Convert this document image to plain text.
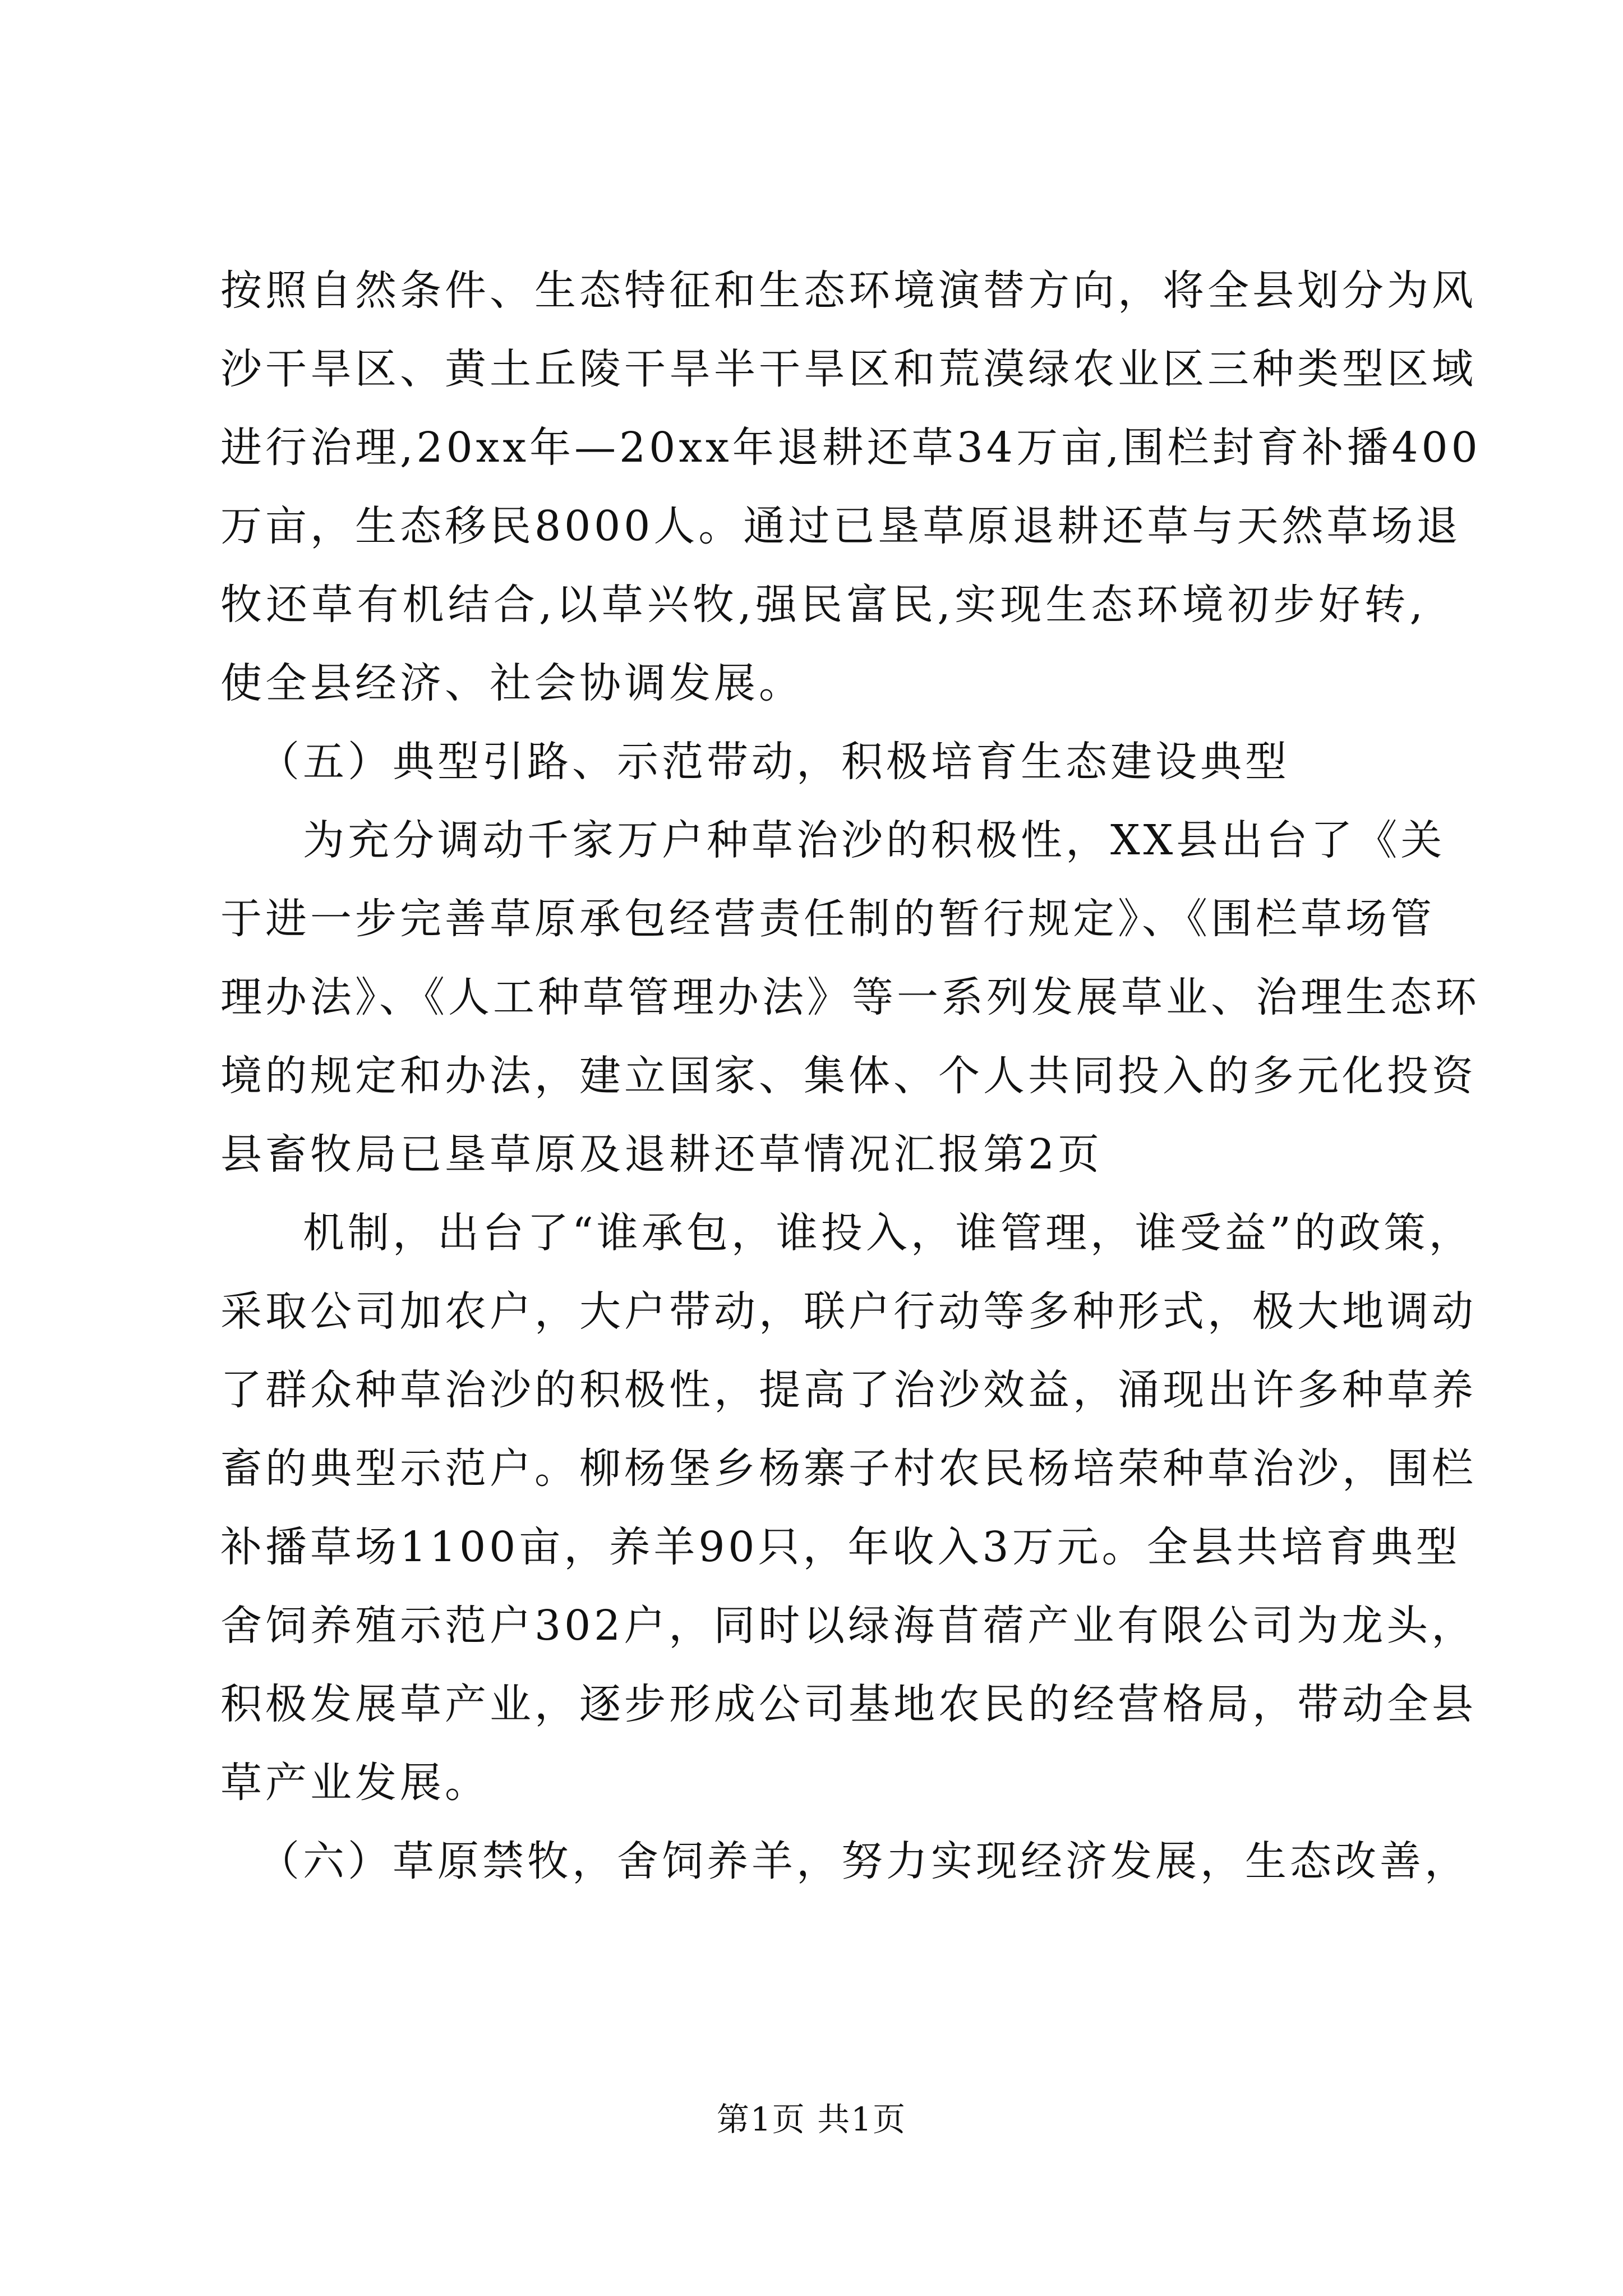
按照自然条件、生态特征和生态环境演替方向，将全县划分为风
沙干旱区、黄土丘陵干旱半干旱区和荒漠绿农业区三种类型区域
进行治理,20xx年—20xx年退耕还草34万亩,围栏封育补播400
万亩，生态移民8000人。通过已垦草原退耕还草与天然草场退
牧还草有机结合,以草兴牧,强民富民,实现生态环境初步好转,
使全县经济、社会协调发展。
（五）典型引路、示范带动，积极培育生态建设典型
为充分调动千家万户种草治沙的积极性，XX县出台了《关
于进一步完善草原承包经营责任制的暂行规定》、《围栏草场管
理办法》、《人工种草管理办法》等一系列发展草业、治理生态环
境的规定和办法，建立国家、集体、个人共同投入的多元化投资
县畜牧局已垦草原及退耕还草情况汇报第2页
机制，出台了“谁承包，谁投入，谁管理，谁受益”的政策，
采取公司加农户，大户带动，联户行动等多种形式，极大地调动
了群众种草治沙的积极性，提高了治沙效益，涌现出许多种草养
畜的典型示范户。柳杨堡乡杨寨子村农民杨培荣种草治沙，围栏
补播草场1100亩，养羊90只，年收入3万元。全县共培育典型
舍饲养殖示范户302户，同时以绿海苜蓿产业有限公司为龙头，
积极发展草产业，逐步形成公司基地农民的经营格局，带动全县
草产业发展。
（六）草原禁牧，舍饲养羊，努力实现经济发展，生态改善，
第1页 共1页
